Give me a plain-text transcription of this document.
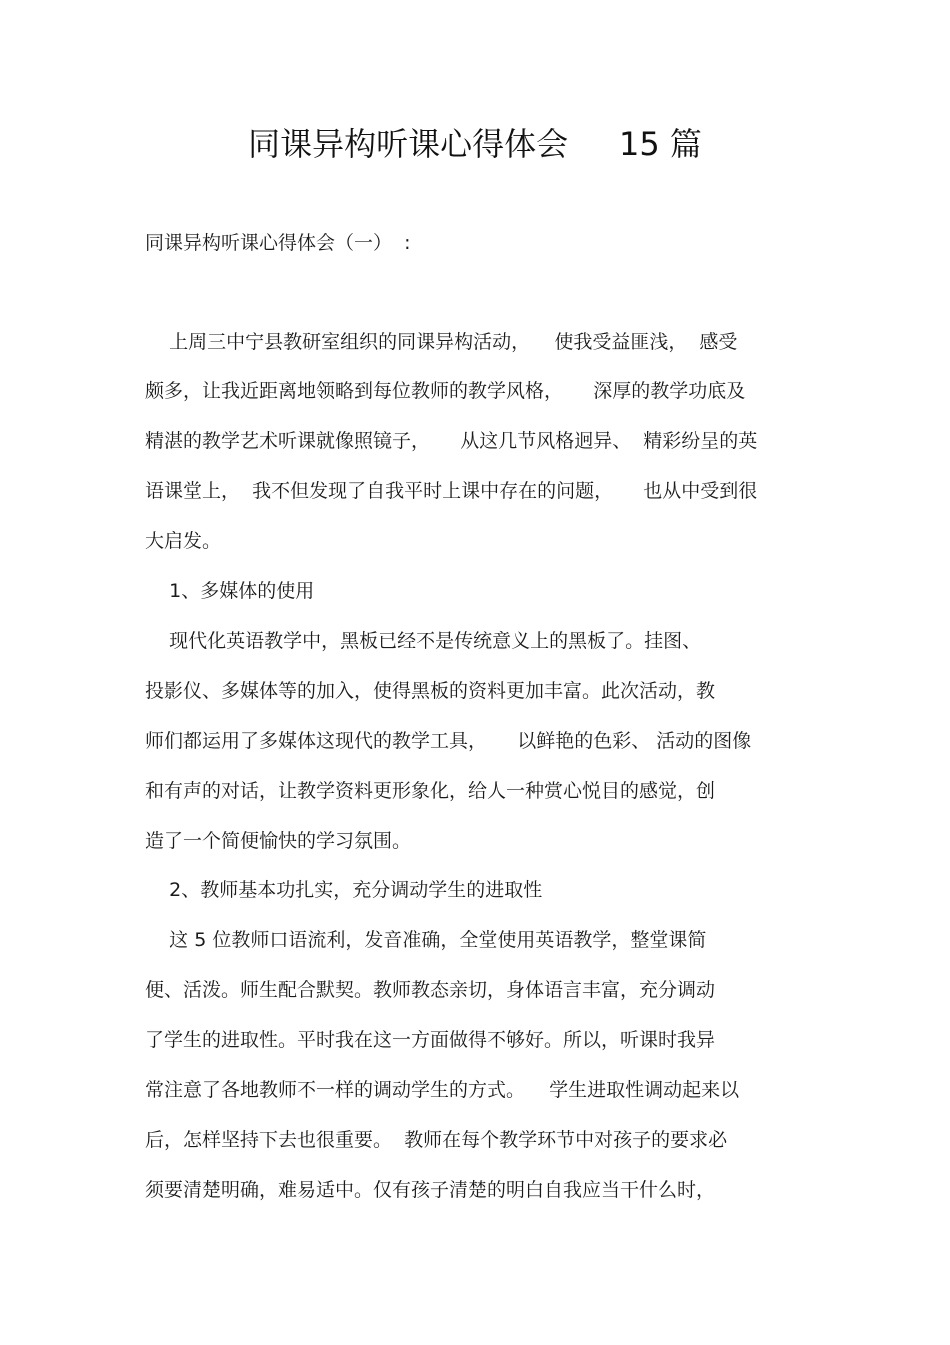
同课异构听课心得体会     15 篇
同课异构听课心得体会（一）  :
上周三中宁县教研室组织的同课异构活动，    使我受益匪浅，  感受
颇多，让我近距离地领略到每位教师的教学风格，     深厚的教学功底及
精湛的教学艺术听课就像照镜子，     从这几节风格迥异、  精彩纷呈的英
语课堂上，  我不但发现了自我平时上课中存在的问题，     也从中受到很
大启发。
1、多媒体的使用
现代化英语教学中，黑板已经不是传统意义上的黑板了。挂图、
投影仪、多媒体等的加入，使得黑板的资料更加丰富。此次活动，教
师们都运用了多媒体这现代的教学工具，     以鲜艳的色彩、 活动的图像
和有声的对话，让教学资料更形象化，给人一种赏心悦目的感觉，创
造了一个简便愉快的学习氛围。
2、教师基本功扎实，充分调动学生的进取性
这 5 位教师口语流利，发音准确，全堂使用英语教学，整堂课简
便、活泼。师生配合默契。教师教态亲切，身体语言丰富，充分调动
了学生的进取性。平时我在这一方面做得不够好。所以，听课时我异
常注意了各地教师不一样的调动学生的方式。    学生进取性调动起来以
后，怎样坚持下去也很重要。  教师在每个教学环节中对孩子的要求必
须要清楚明确，难易适中。仅有孩子清楚的明白自我应当干什么时，
